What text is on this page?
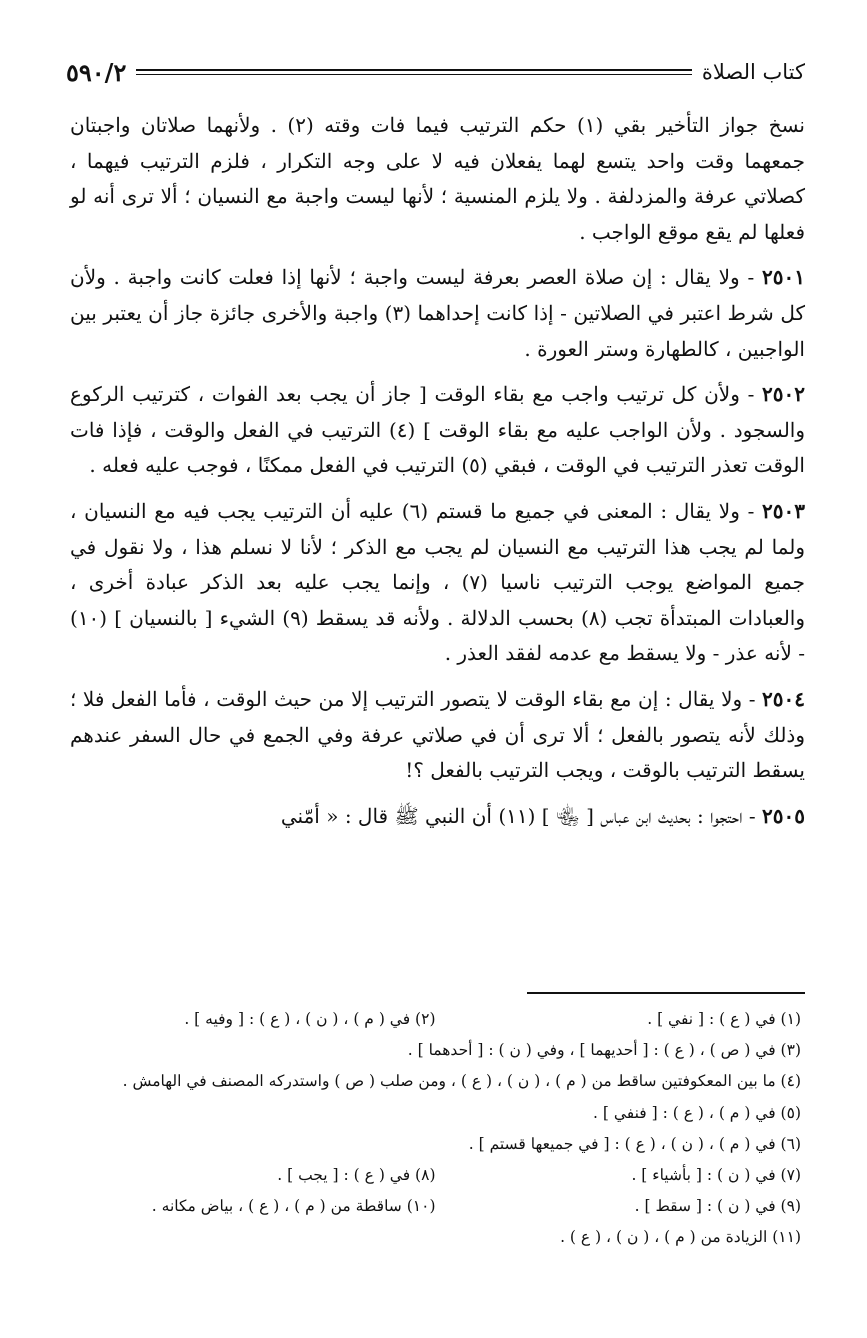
كتاب الصلاة
٥٩٠/٢

نسخ جواز التأخير بقي (١) حكم الترتيب فيما فات وقته (٢) . ولأنهما صلاتان واجبتان جمعهما وقت واحد يتسع لهما يفعلان فيه لا على وجه التكرار ، فلزم الترتيب فيهما ، كصلاتي عرفة والمزدلفة . ولا يلزم المنسية ؛ لأنها ليست واجبة مع النسيان ؛ ألا ترى أنه لو فعلها لم يقع موقع الواجب .

٢٥٠١ - ولا يقال : إن صلاة العصر بعرفة ليست واجبة ؛ لأنها إذا فعلت كانت واجبة . ولأن كل شرط اعتبر في الصلاتين - إذا كانت إحداهما (٣) واجبة والأخرى جائزة جاز أن يعتبر بين الواجبين ، كالطهارة وستر العورة .

٢٥٠٢ - ولأن كل ترتيب واجب مع بقاء الوقت [ جاز أن يجب بعد الفوات ، كترتيب الركوع والسجود . ولأن الواجب عليه مع بقاء الوقت ] (٤) الترتيب في الفعل والوقت ، فإذا فات الوقت تعذر الترتيب في الوقت ، فبقي (٥) الترتيب في الفعل ممكنًا ، فوجب عليه فعله .

٢٥٠٣ - ولا يقال : المعنى في جميع ما قستم (٦) عليه أن الترتيب يجب فيه مع النسيان ، ولما لم يجب هذا الترتيب مع النسيان لم يجب مع الذكر ؛ لأنا لا نسلم هذا ، ولا نقول في جميع المواضع يوجب الترتيب ناسيا (٧) ، وإنما يجب عليه بعد الذكر عبادة أخرى ، والعبادات المبتدأة تجب (٨) بحسب الدلالة . ولأنه قد يسقط (٩) الشيء [ بالنسيان ] (١٠) - لأنه عذر - ولا يسقط مع عدمه لفقد العذر .

٢٥٠٤ - ولا يقال : إن مع بقاء الوقت لا يتصور الترتيب إلا من حيث الوقت ، فأما الفعل فلا ؛ وذلك لأنه يتصور بالفعل ؛ ألا ترى أن في صلاتي عرفة وفي الجمع في حال السفر عندهم يسقط الترتيب بالوقت ، ويجب الترتيب بالفعل ؟!

٢٥٠٥ - احتجوا : بحديث ابن عباس [ ﵄ ] (١١) أن النبي ﷺ قال : « أمّني

(١) في ( ع ) : [ نفي ] .
(٢) في ( م ) ، ( ن ) ، ( ع ) : [ وفيه ] .
(٣) في ( ص ) ، ( ع ) : [ أحديهما ] ، وفي ( ن ) : [ أحدهما ] .
(٤) ما بين المعكوفتين ساقط من ( م ) ، ( ن ) ، ( ع ) ، ومن صلب ( ص ) واستدركه المصنف في الهامش .
(٥) في ( م ) ، ( ع ) : [ فنفي ] .
(٦) في ( م ) ، ( ن ) ، ( ع ) : [ في جميعها قستم ] .
(٧) في ( ن ) : [ بأشياء ] .
(٨) في ( ع ) : [ يجب ] .
(٩) في ( ن ) : [ سقط ] .
(١٠) ساقطة من ( م ) ، ( ع ) ، بياض مكانه .
(١١) الزيادة من ( م ) ، ( ن ) ، ( ع ) .
